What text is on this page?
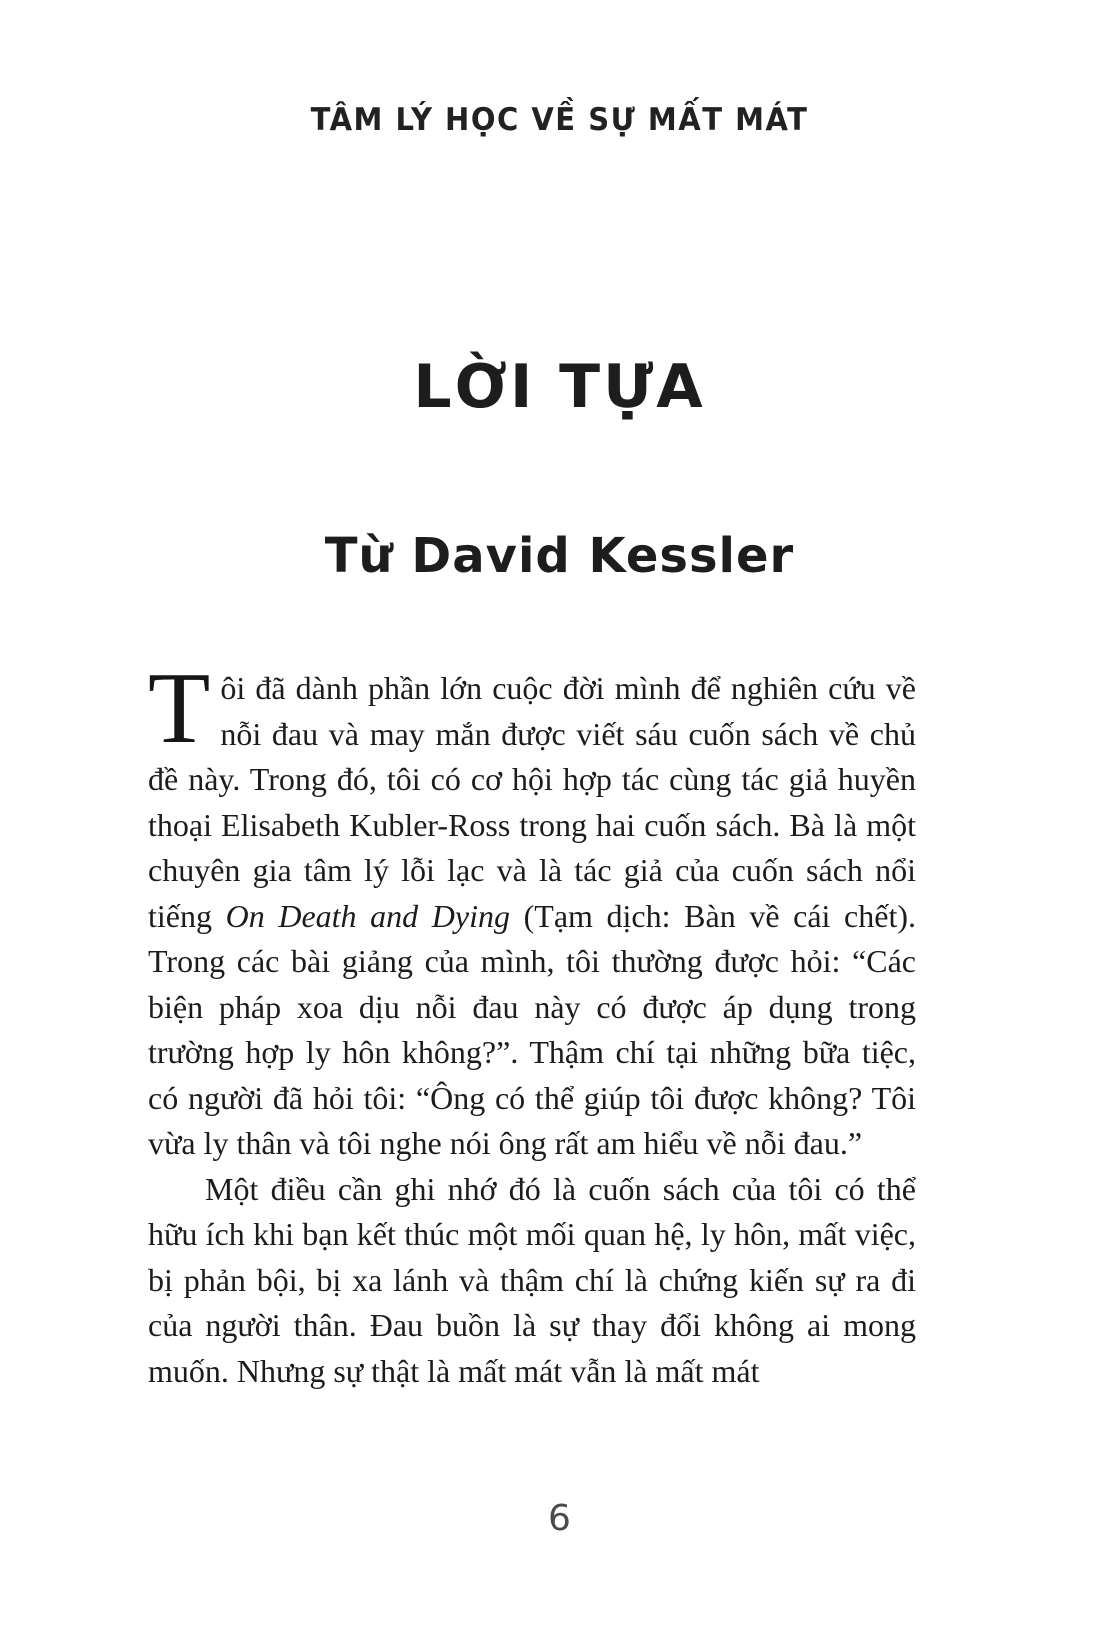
TÂM LÝ HỌC VỀ SỰ MẤT MÁT
LỜI TỰA
Từ David Kessler

Tôi đã dành phần lớn cuộc đời mình để nghiên cứu về nỗi đau và may mắn được viết sáu cuốn sách về chủ đề này. Trong đó, tôi có cơ hội hợp tác cùng tác giả huyền thoại Elisabeth Kubler-Ross trong hai cuốn sách. Bà là một chuyên gia tâm lý lỗi lạc và là tác giả của cuốn sách nổi tiếng On Death and Dying (Tạm dịch: Bàn về cái chết). Trong các bài giảng của mình, tôi thường được hỏi: “Các biện pháp xoa dịu nỗi đau này có được áp dụng trong trường hợp ly hôn không?”. Thậm chí tại những bữa tiệc, có người đã hỏi tôi: “Ông có thể giúp tôi được không? Tôi vừa ly thân và tôi nghe nói ông rất am hiểu về nỗi đau.”

Một điều cần ghi nhớ đó là cuốn sách của tôi có thể hữu ích khi bạn kết thúc một mối quan hệ, ly hôn, mất việc, bị phản bội, bị xa lánh và thậm chí là chứng kiến sự ra đi của người thân. Đau buồn là sự thay đổi không ai mong muốn. Nhưng sự thật là mất mát vẫn là mất mát

6
